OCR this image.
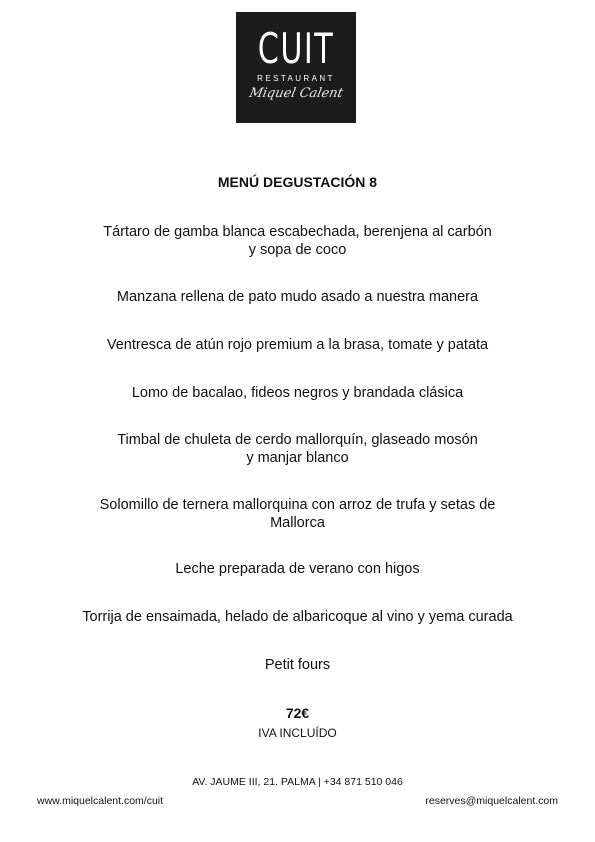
CUIT
RESTAURANT
Miquel Calent
MENÚ DEGUSTACIÓN 8
Tártaro de gamba blanca escabechada, berenjena al carbón
y sopa de coco
Manzana rellena de pato mudo asado a nuestra manera
Ventresca de atún rojo premium a la brasa, tomate y patata
Lomo de bacalao, fideos negros y brandada clásica
Timbal de chuleta de cerdo mallorquín, glaseado mosón
y manjar blanco
Solomillo de ternera mallorquina con arroz de trufa y setas de
Mallorca
Leche preparada de verano con higos
Torrija de ensaimada, helado de albaricoque al vino y yema curada
Petit fours
72€
IVA INCLUÍDO
AV. JAUME III, 21. PALMA | +34 871 510 046
www.miquelcalent.com/cuit	reserves@miquelcalent.com
